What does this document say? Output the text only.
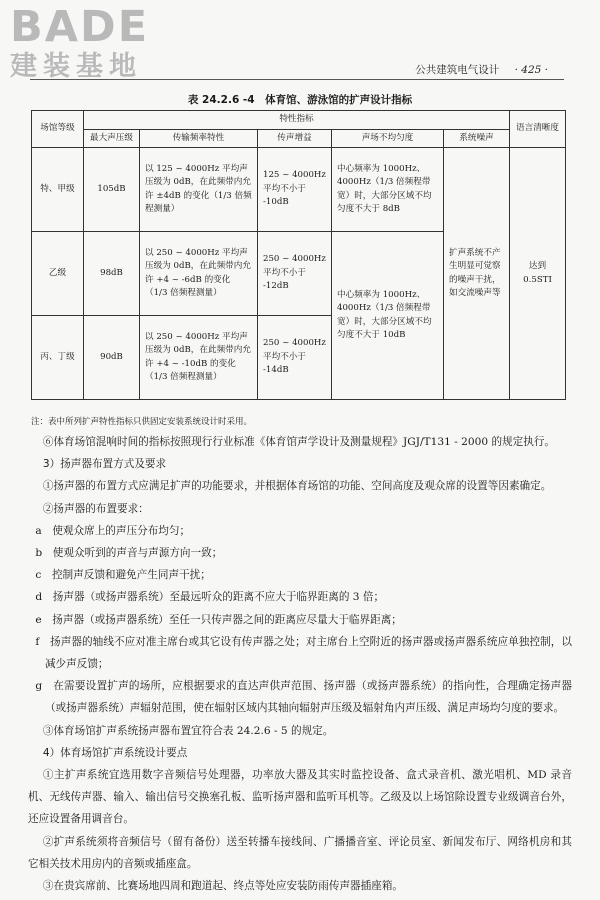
BADE
建装基地	公共建筑电气设计 · 425 ·
表 24.2.6 -4　体育馆、游泳馆的扩声设计指标
场馆等级	特性指标					语言清晰度
	最大声压级	传输频率特性	传声增益	声场不均匀度	系统噪声	
特、甲级	105dB	以 125 ~ 4000Hz 平均声压级为 0dB，在此频带内允许 ±4dB 的变化（1/3 倍频程测量）	125 ~ 4000Hz 平均不小于 -10dB	中心频率为 1000Hz、4000Hz（1/3 倍频程带宽）时，大部分区域不均匀度不大于 8dB	扩声系统不产生明显可觉察的噪声干扰，如交流噪声等	达到 0.5STI
乙级	98dB	以 250 ~ 4000Hz 平均声压级为 0dB，在此频带内允许 +4 ~ -6dB 的变化（1/3 倍频程测量）	250 ~ 4000Hz 平均不小于 -12dB	中心频率为 1000Hz、4000Hz（1/3 倍频程带宽）时，大部分区域不均匀度不大于 10dB		
丙、丁级	90dB	以 250 ~ 4000Hz 平均声压级为 0dB，在此频带内允许 +4 ~ -10dB 的变化（1/3 倍频程测量）	250 ~ 4000Hz 平均不小于 -14dB			
注：表中所列扩声特性指标只供固定安装系统设计时采用。

⑥体育场馆混响时间的指标按照现行行业标准《体育馆声学设计及测量规程》JGJ/T131 - 2000 的规定执行。

3）扬声器布置方式及要求

①扬声器的布置方式应满足扩声的功能要求，并根据体育场馆的功能、空间高度及观众席的设置等因素确定。

②扬声器的布置要求：

a　使观众席上的声压分布均匀；

b　使观众听到的声音与声源方向一致；

c　控制声反馈和避免产生同声干扰；

d　扬声器（或扬声器系统）至最远听众的距离不应大于临界距离的 3 倍；

e　扬声器（或扬声器系统）至任一只传声器之间的距离应尽量大于临界距离；

f　扬声器的轴线不应对准主席台或其它设有传声器之处；对主席台上空附近的扬声器或扬声器系统应单独控制，以减少声反馈；

g　在需要设置扩声的场所，应根据要求的直达声供声范围、扬声器（或扬声器系统）的指向性，合理确定扬声器（或扬声器系统）声辐射范围，使在辐射区域内其轴向辐射声压级及辐射角内声压级、满足声场均匀度的要求。

③体育场馆扩声系统扬声器布置宜符合表 24.2.6 - 5 的规定。

4）体育场馆扩声系统设计要点

①主扩声系统宜选用数字音频信号处理器，功率放大器及其实时监控设备、盒式录音机、激光唱机、MD 录音机、无线传声器、输入、输出信号交换塞孔板、监听扬声器和监听耳机等。乙级及以上场馆除设置专业级调音台外，还应设置备用调音台。

②扩声系统须将音频信号（留有备份）送至转播车接线间、广播播音室、评论员室、新闻发布厅、网络机房和其它相关技术用房内的音频或插座盒。

③在贵宾席前、比赛场地四周和跑道起、终点等处应安装防雨传声器插座箱。
